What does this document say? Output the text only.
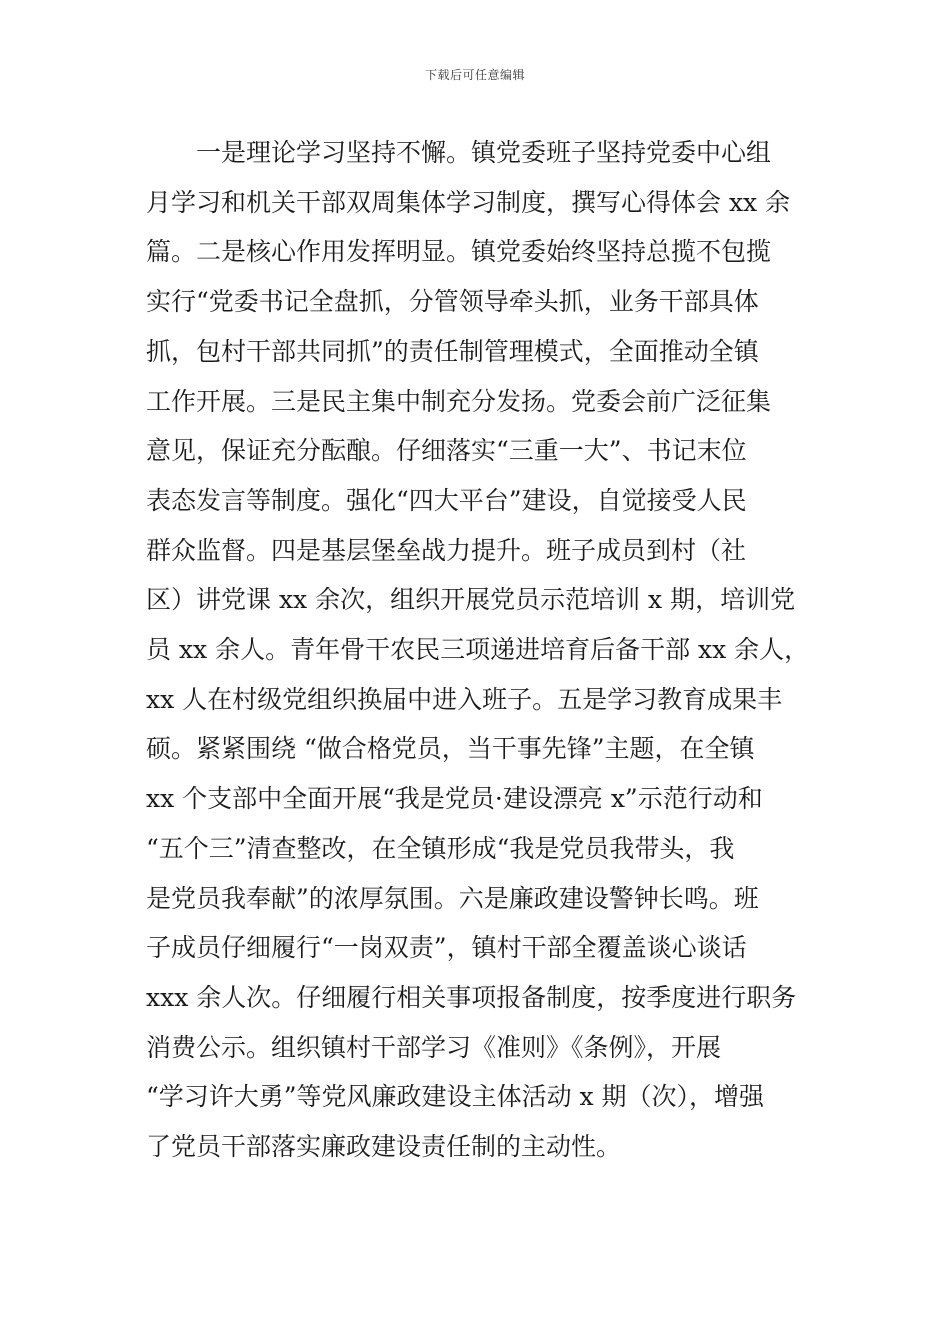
下载后可任意编辑
一是理论学习坚持不懈。镇党委班子坚持党委中心组
月学习和机关干部双周集体学习制度，撰写心得体会 xx 余
篇。二是核心作用发挥明显。镇党委始终坚持总揽不包揽
实行“党委书记全盘抓，分管领导牵头抓，业务干部具体
抓，包村干部共同抓”的责任制管理模式，全面推动全镇
工作开展。三是民主集中制充分发扬。党委会前广泛征集
意见，保证充分酝酿。仔细落实“三重一大”、书记末位
表态发言等制度。强化“四大平台”建设，自觉接受人民
群众监督。四是基层堡垒战力提升。班子成员到村（社
区）讲党课 xx 余次，组织开展党员示范培训 x 期，培训党
员 xx 余人。青年骨干农民三项递进培育后备干部 xx 余人，
xx 人在村级党组织换届中进入班子。五是学习教育成果丰
硕。紧紧围绕 “做合格党员，当干事先锋”主题，在全镇
xx 个支部中全面开展“我是党员·建设漂亮 x”示范行动和
“五个三”清查整改，在全镇形成“我是党员我带头，我
是党员我奉献”的浓厚氛围。六是廉政建设警钟长鸣。班
子成员仔细履行“一岗双责”，镇村干部全覆盖谈心谈话
xxx 余人次。仔细履行相关事项报备制度，按季度进行职务
消费公示。组织镇村干部学习《准则》《条例》，开展
“学习许大勇”等党风廉政建设主体活动 x 期（次），增强
了党员干部落实廉政建设责任制的主动性。
